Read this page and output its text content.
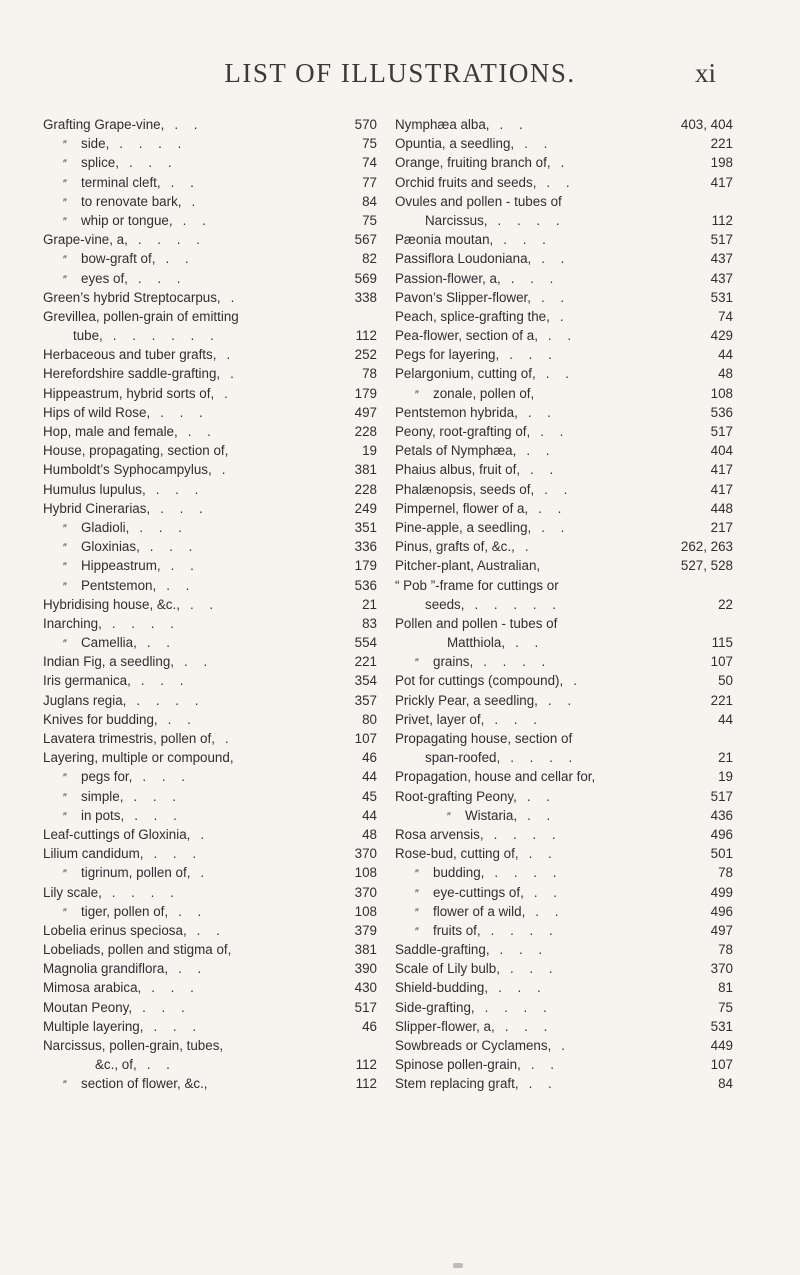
LIST OF ILLUSTRATIONS.	xi
Grafting Grape-vine, . .	570
″ side, . . . .	75
″ splice, . . .	74
″ terminal cleft, . .	77
″ to renovate bark, .	84
″ whip or tongue, . .	75
Grape-vine, a, . . . .	567
″ bow-graft of, . .	82
″ eyes of, . . .	569
Green’s hybrid Streptocarpus, .	338
Grevillea, pollen-grain of emitting
tube, . . . . . .	112
Herbaceous and tuber grafts, .	252
Herefordshire saddle-grafting, .	78
Hippeastrum, hybrid sorts of, .	179
Hips of wild Rose, . . .	497
Hop, male and female, . .	228
House, propagating, section of,	19
Humboldt’s Syphocampylus, .	381
Humulus lupulus, . . .	228
Hybrid Cinerarias, . . .	249
″ Gladioli, . . .	351
″ Gloxinias, . . .	336
″ Hippeastrum, . .	179
″ Pentstemon, . .	536
Hybridising house, &c., . .	21
Inarching, . . . .	83
″ Camellia, . .	554
Indian Fig, a seedling, . .	221
Iris germanica, . . .	354
Juglans regia, . . . .	357
Knives for budding, . .	80
Lavatera trimestris, pollen of, .	107
Layering, multiple or compound,	46
″ pegs for, . . .	44
″ simple, . . .	45
″ in pots, . . .	44
Leaf-cuttings of Gloxinia, .	48
Lilium candidum, . . .	370
″ tigrinum, pollen of, .	108
Lily scale, . . . .	370
″ tiger, pollen of, . .	108
Lobelia erinus speciosa, . .	379
Lobeliads, pollen and stigma of,	381
Magnolia grandiflora, . .	390
Mimosa arabica, . . .	430
Moutan Peony, . . .	517
Multiple layering, . . .	46
Narcissus, pollen-grain, tubes,
&c., of, . .	112
″ section of flower, &c.,	112
Nymphæa alba, . .	403, 404
Opuntia, a seedling, . .	221
Orange, fruiting branch of, .	198
Orchid fruits and seeds, . .	417
Ovules and pollen - tubes of
Narcissus, . . . .	112
Pæonia moutan, . . .	517
Passiflora Loudoniana, . .	437
Passion-flower, a, . . .	437
Pavon’s Slipper-flower, . .	531
Peach, splice-grafting the, .	74
Pea-flower, section of a, . .	429
Pegs for layering, . . .	44
Pelargonium, cutting of, . .	48
″ zonale, pollen of,	108
Pentstemon hybrida, . .	536
Peony, root-grafting of, . .	517
Petals of Nymphæa, . .	404
Phaius albus, fruit of, . .	417
Phalænopsis, seeds of, . .	417
Pimpernel, flower of a, . .	448
Pine-apple, a seedling, . .	217
Pinus, grafts of, &c., .	262, 263
Pitcher-plant, Australian,	527, 528
“ Pob ”-frame for cuttings or
seeds, . . . . .	22
Pollen and pollen - tubes of
Matthiola, . .	115
″ grains, . . . .	107
Pot for cuttings (compound), .	50
Prickly Pear, a seedling, . .	221
Privet, layer of, . . .	44
Propagating house, section of
span-roofed, . . . .	21
Propagation, house and cellar for,	19
Root-grafting Peony, . .	517
″ Wistaria, . .	436
Rosa arvensis, . . . .	496
Rose-bud, cutting of, . .	501
″ budding, . . . .	78
″ eye-cuttings of, . .	499
″ flower of a wild, . .	496
″ fruits of, . . . .	497
Saddle-grafting, . . .	78
Scale of Lily bulb, . . .	370
Shield-budding, . . .	81
Side-grafting, . . . .	75
Slipper-flower, a, . . .	531
Sowbreads or Cyclamens, .	449
Spinose pollen-grain, . .	107
Stem replacing graft, . .	84
